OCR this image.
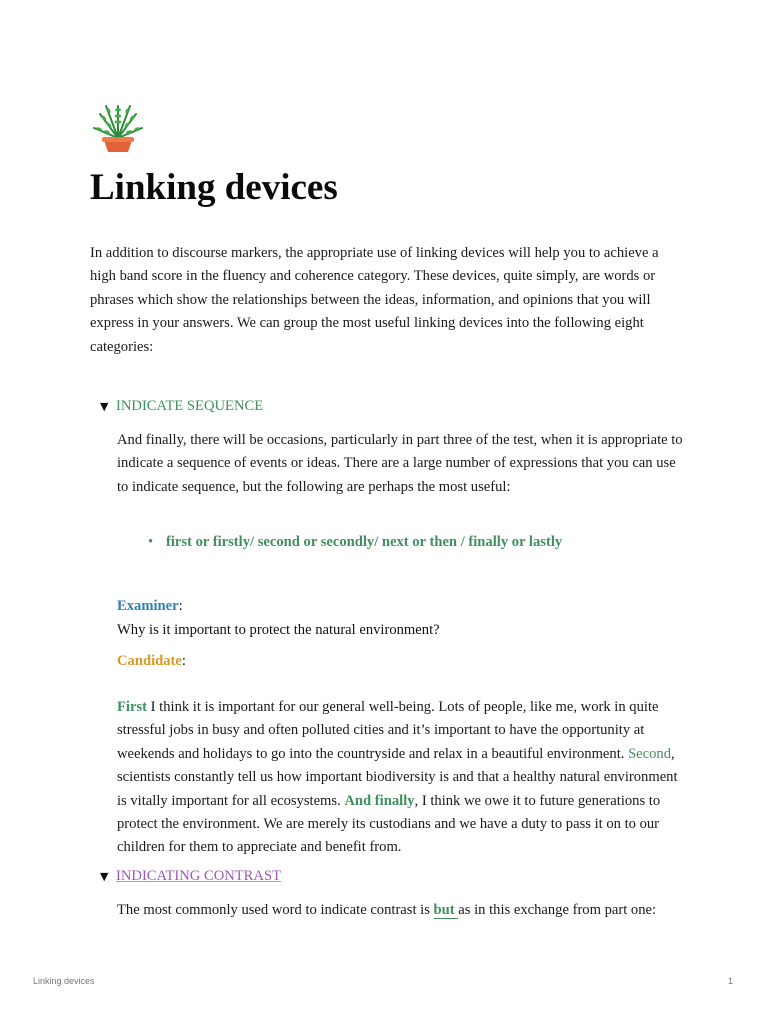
Linking devices

In addition to discourse markers, the appropriate use of linking devices will help you to achieve a high band score in the fluency and coherence category. These devices, quite simply, are words or phrases which show the relationships between the ideas, information, and opinions that you will express in your answers. We can group the most useful linking devices into the following eight categories:

▼ INDICATE SEQUENCE

And finally, there will be occasions, particularly in part three of the test, when it is appropriate to indicate a sequence of events or ideas. There are a large number of expressions that you can use to indicate sequence, but the following are perhaps the most useful:

• first or firstly/ second or secondly/ next or then / finally or lastly
Examiner:
Why is it important to protect the natural environment?
Candidate:

First I think it is important for our general well-being. Lots of people, like me, work in quite stressful jobs in busy and often polluted cities and it’s important to have the opportunity at weekends and holidays to go into the countryside and relax in a beautiful environment. Second, scientists constantly tell us how important biodiversity is and that a healthy natural environment is vitally important for all ecosystems. And finally, I think we owe it to future generations to protect the environment. We are merely its custodians and we have a duty to pass it on to our children for them to appreciate and benefit from.

▼ INDICATING CONTRAST

The most commonly used word to indicate contrast is but as in this exchange from part one:

Linking devices	1
